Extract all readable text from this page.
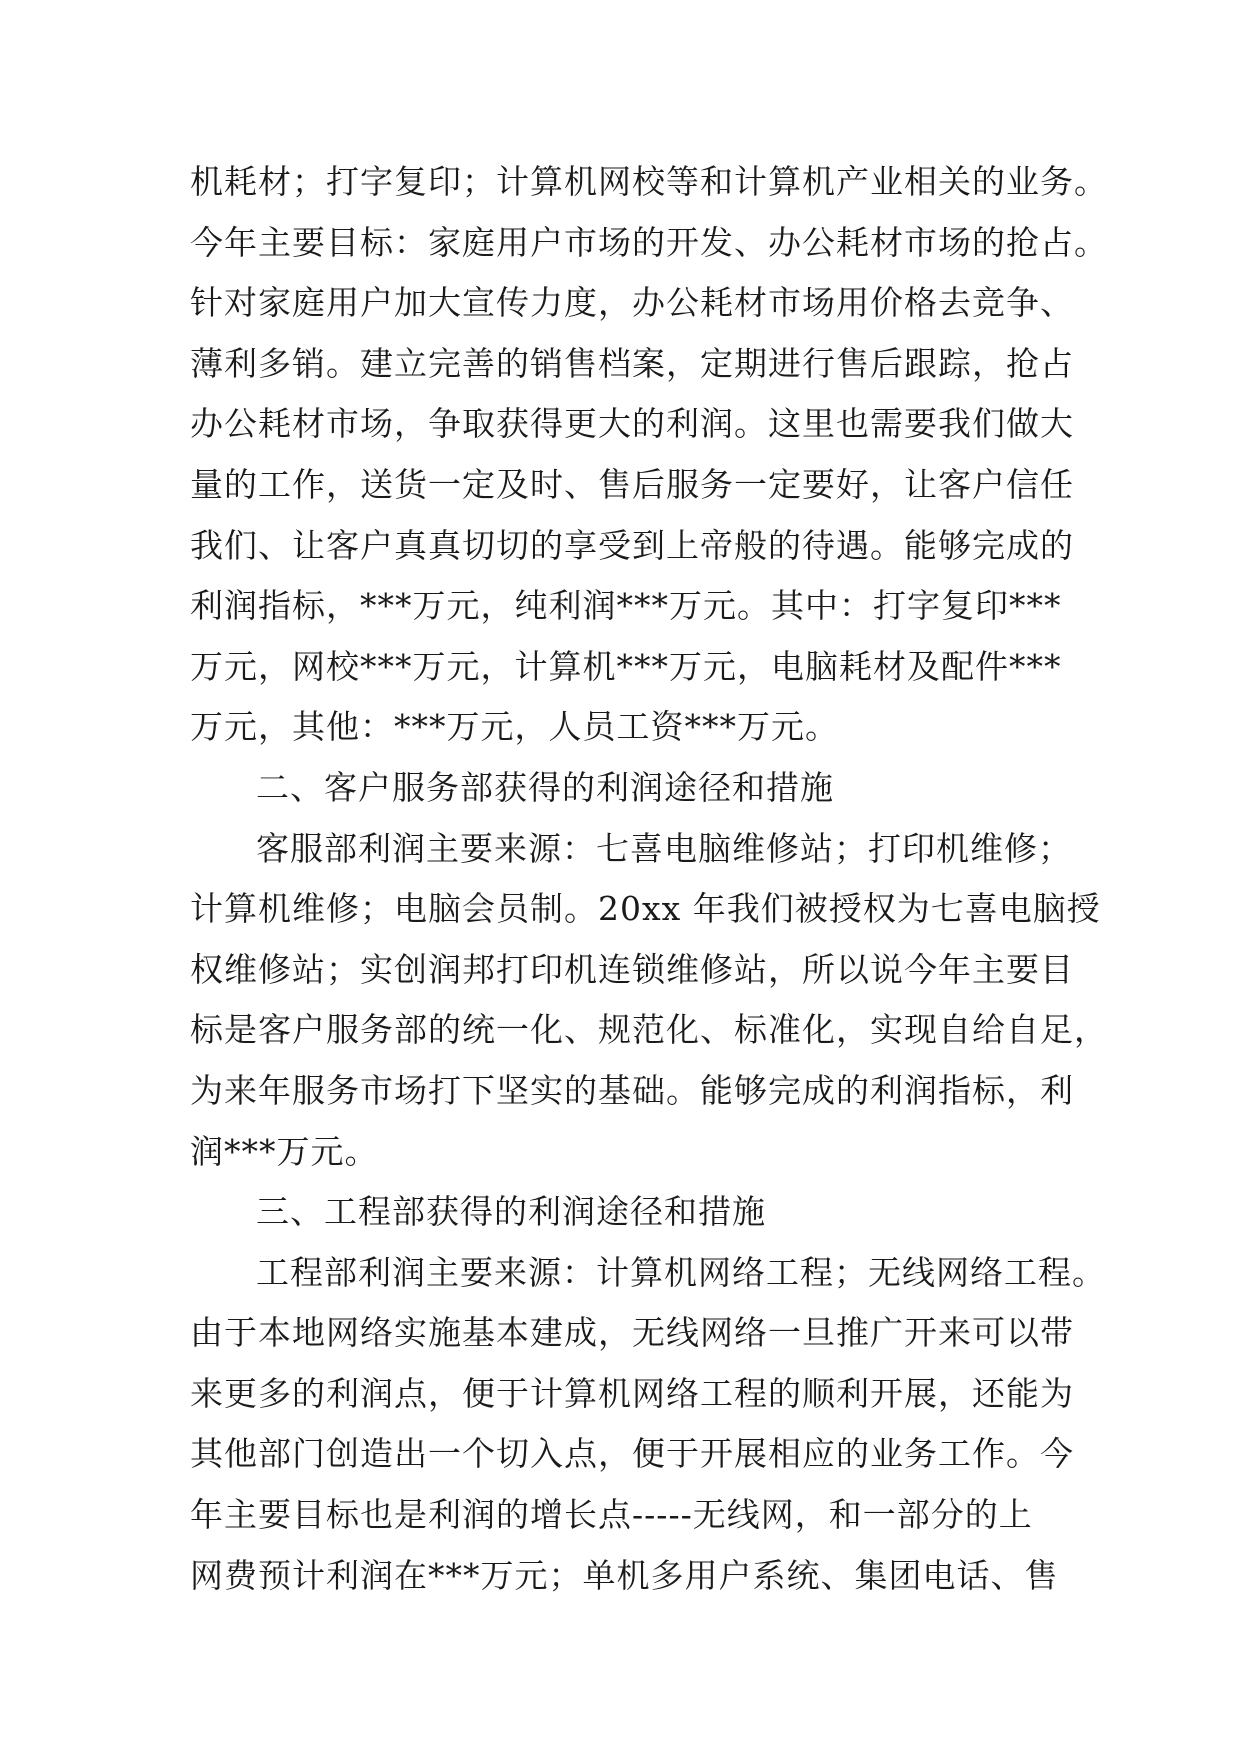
机耗材；打字复印；计算机网校等和计算机产业相关的业务。
今年主要目标：家庭用户市场的开发、办公耗材市场的抢占。
针对家庭用户加大宣传力度，办公耗材市场用价格去竞争、
薄利多销。建立完善的销售档案，定期进行售后跟踪，抢占
办公耗材市场，争取获得更大的利润。这里也需要我们做大
量的工作，送货一定及时、售后服务一定要好，让客户信任
我们、让客户真真切切的享受到上帝般的待遇。能够完成的
利润指标，***万元，纯利润***万元。其中：打字复印***
万元，网校***万元，计算机***万元，电脑耗材及配件***
万元，其他：***万元，人员工资***万元。
二、客户服务部获得的利润途径和措施
客服部利润主要来源：七喜电脑维修站；打印机维修；
计算机维修；电脑会员制。20xx 年我们被授权为七喜电脑授
权维修站；实创润邦打印机连锁维修站，所以说今年主要目
标是客户服务部的统一化、规范化、标准化，实现自给自足，
为来年服务市场打下坚实的基础。能够完成的利润指标，利
润***万元。
三、工程部获得的利润途径和措施
工程部利润主要来源：计算机网络工程；无线网络工程。
由于本地网络实施基本建成，无线网络一旦推广开来可以带
来更多的利润点，便于计算机网络工程的顺利开展，还能为
其他部门创造出一个切入点，便于开展相应的业务工作。今
年主要目标也是利润的增长点-----无线网，和一部分的上
网费预计利润在***万元；单机多用户系统、集团电话、售
